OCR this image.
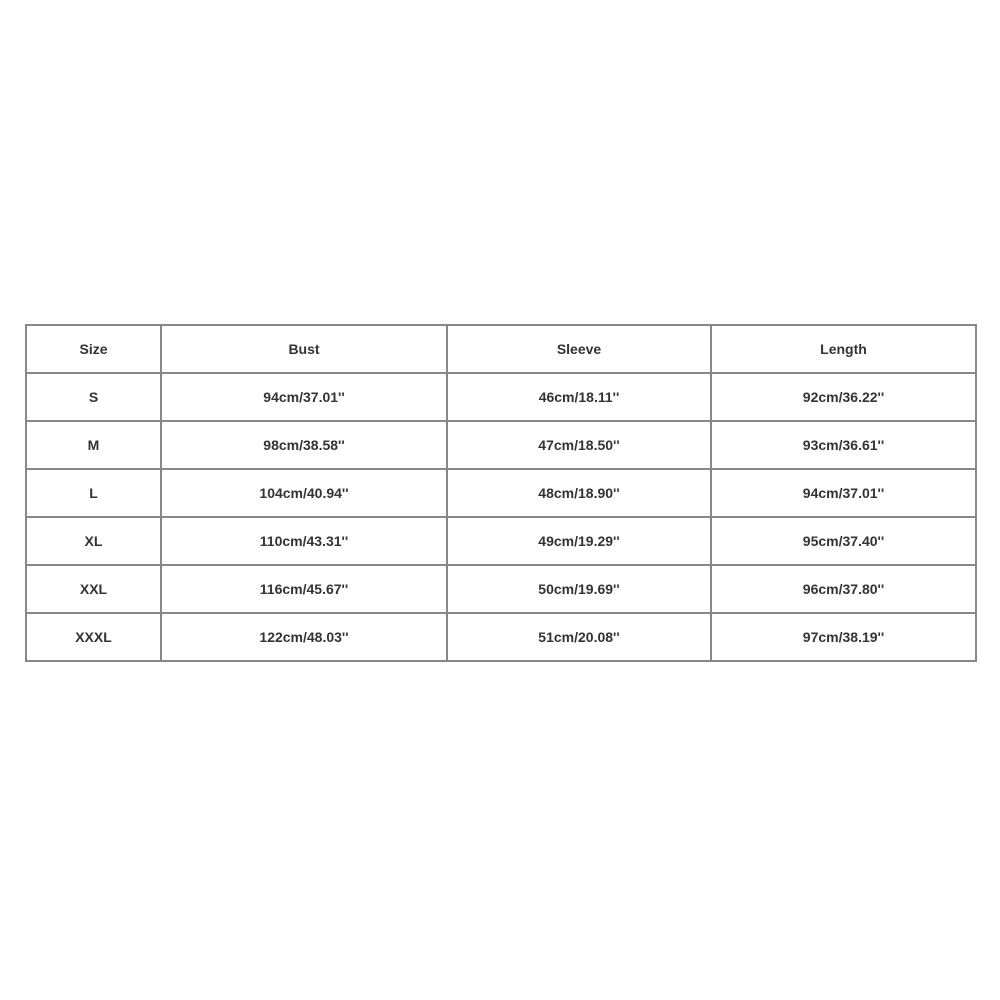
Size	Bust	Sleeve	Length
S	94cm/37.01''	46cm/18.11''	92cm/36.22''
M	98cm/38.58''	47cm/18.50''	93cm/36.61''
L	104cm/40.94''	48cm/18.90''	94cm/37.01''
XL	110cm/43.31''	49cm/19.29''	95cm/37.40''
XXL	116cm/45.67''	50cm/19.69''	96cm/37.80''
XXXL	122cm/48.03''	51cm/20.08''	97cm/38.19''
